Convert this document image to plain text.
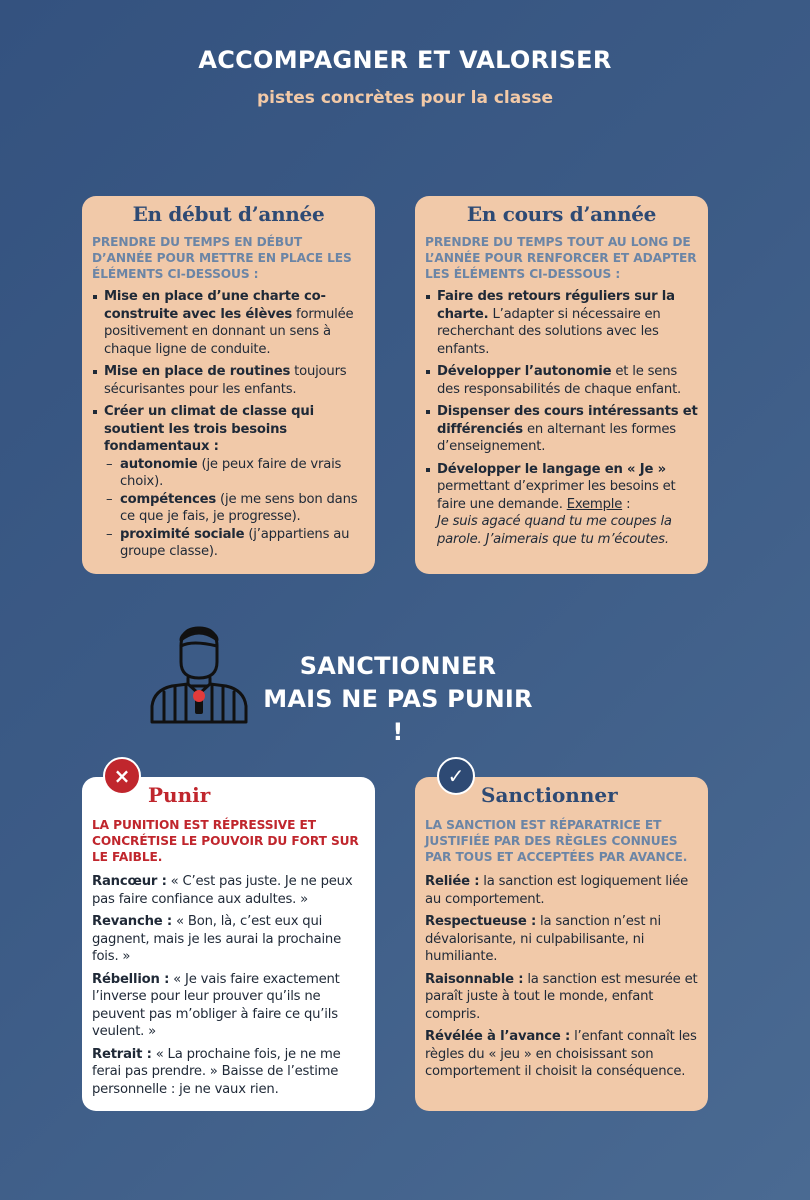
ACCOMPAGNER ET VALORISER
pistes concrètes pour la classe
En début d’année
PRENDRE DU TEMPS EN DÉBUT D’ANNÉE POUR METTRE EN PLACE LES ÉLÉMENTS CI-DESSOUS :
Mise en place d’une charte co-construite avec les élèves formulée positivement en donnant un sens à chaque ligne de conduite.
Mise en place de routines toujours sécurisantes pour les enfants.
Créer un climat de classe qui soutient les trois besoins fondamentaux :
– autonomie (je peux faire de vrais choix).
– compétences (je me sens bon dans ce que je fais, je progresse).
– proximité sociale (j’appartiens au groupe classe).
En cours d’année
PRENDRE DU TEMPS TOUT AU LONG DE L’ANNÉE POUR RENFORCER ET ADAPTER LES ÉLÉMENTS CI-DESSOUS :
Faire des retours réguliers sur la charte. L’adapter si nécessaire en recherchant des solutions avec les enfants.
Développer l’autonomie et le sens des responsabilités de chaque enfant.
Dispenser des cours intéressants et différenciés en alternant les formes d’enseignement.
Développer le langage en « Je » permettant d’exprimer les besoins et faire une demande. Exemple :
Je suis agacé quand tu me coupes la parole. J’aimerais que tu m’écoutes.
SANCTIONNER
MAIS NE PAS PUNIR !
×
Punir
LA PUNITION EST RÉPRESSIVE ET CONCRÉTISE LE POUVOIR DU FORT SUR LE FAIBLE.

Rancœur : « C’est pas juste. Je ne peux pas faire confiance aux adultes. »

Revanche : « Bon, là, c’est eux qui gagnent, mais je les aurai la prochaine fois. »

Rébellion : « Je vais faire exactement l’inverse pour leur prouver qu’ils ne peuvent pas m’obliger à faire ce qu’ils veulent. »

Retrait : « La prochaine fois, je ne me ferai pas prendre. » Baisse de l’estime personnelle : je ne vaux rien.

✓
Sanctionner
LA SANCTION EST RÉPARATRICE ET JUSTIFIÉE PAR DES RÈGLES CONNUES PAR TOUS ET ACCEPTÉES PAR AVANCE.

Reliée : la sanction est logiquement liée au comportement.

Respectueuse : la sanction n’est ni dévalorisante, ni culpabilisante, ni humiliante.

Raisonnable : la sanction est mesurée et paraît juste à tout le monde, enfant compris.

Révélée à l’avance : l’enfant connaît les règles du « jeu » en choisissant son comportement il choisit la conséquence.
